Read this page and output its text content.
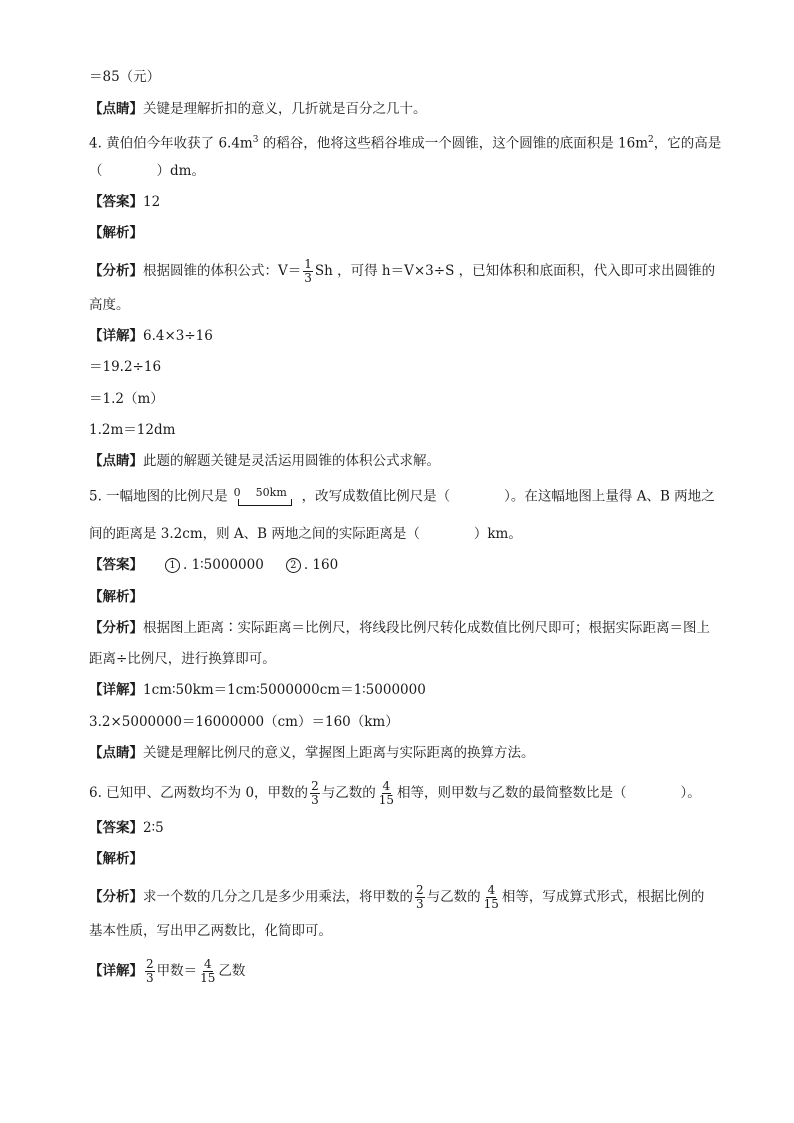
＝85（元）
【点睛】关键是理解折扣的意义，几折就是百分之几十。
4. 黄伯伯今年收获了 $6.4m^3$ 的稻谷，他将这些稻谷堆成一个圆锥，这个圆锥的底面积是 $16m^2$，它的高是
（　　　　）dm。
【答案】12
【解析】
【分析】根据圆锥的体积公式：$V= \frac{1}{3}$ Sh ，可得 h＝V×3÷S ，已知体积和底面积，代入即可求出圆锥的
高度。
【详解】6.4×3÷16
＝19.2÷16
＝1.2（m）
1.2m＝12dm
【点睛】此题的解题关键是灵活运用圆锥的体积公式求解。
5. 一幅地图的比例尺是 0 50km ，改写成数值比例尺是（　　　　）。在这幅地图上量得 A、B 两地之
间的距离是 3.2cm，则 A、B 两地之间的实际距离是（　　　　）km。
【答案】	1 . 1∶5000000	2 . 160
【解析】
【分析】根据图上距离∶实际距离＝比例尺，将线段比例尺转化成数值比例尺即可；根据实际距离＝图上
距离÷比例尺，进行换算即可。
【详解】1cm∶50km＝1cm∶5000000cm＝1∶5000000
3.2×5000000＝16000000（cm）＝160（km）
【点睛】关键是理解比例尺的意义，掌握图上距离与实际距离的换算方法。
6. 已知甲、乙两数均不为 0，甲数的 $\frac{2}{3}$ 与乙数的 $\frac{4}{15}$ 相等，则甲数与乙数的最简整数比是（　　　　）。
【答案】2∶5
【解析】
【分析】求一个数的几分之几是多少用乘法，将甲数的 $\frac{2}{3}$ 与乙数的 $\frac{4}{15}$ 相等，写成算式形式，根据比例的
基本性质，写出甲乙两数比，化简即可。
【详解】 $\frac{2}{3}$ 甲数＝ $\frac{4}{15}$ 乙数
